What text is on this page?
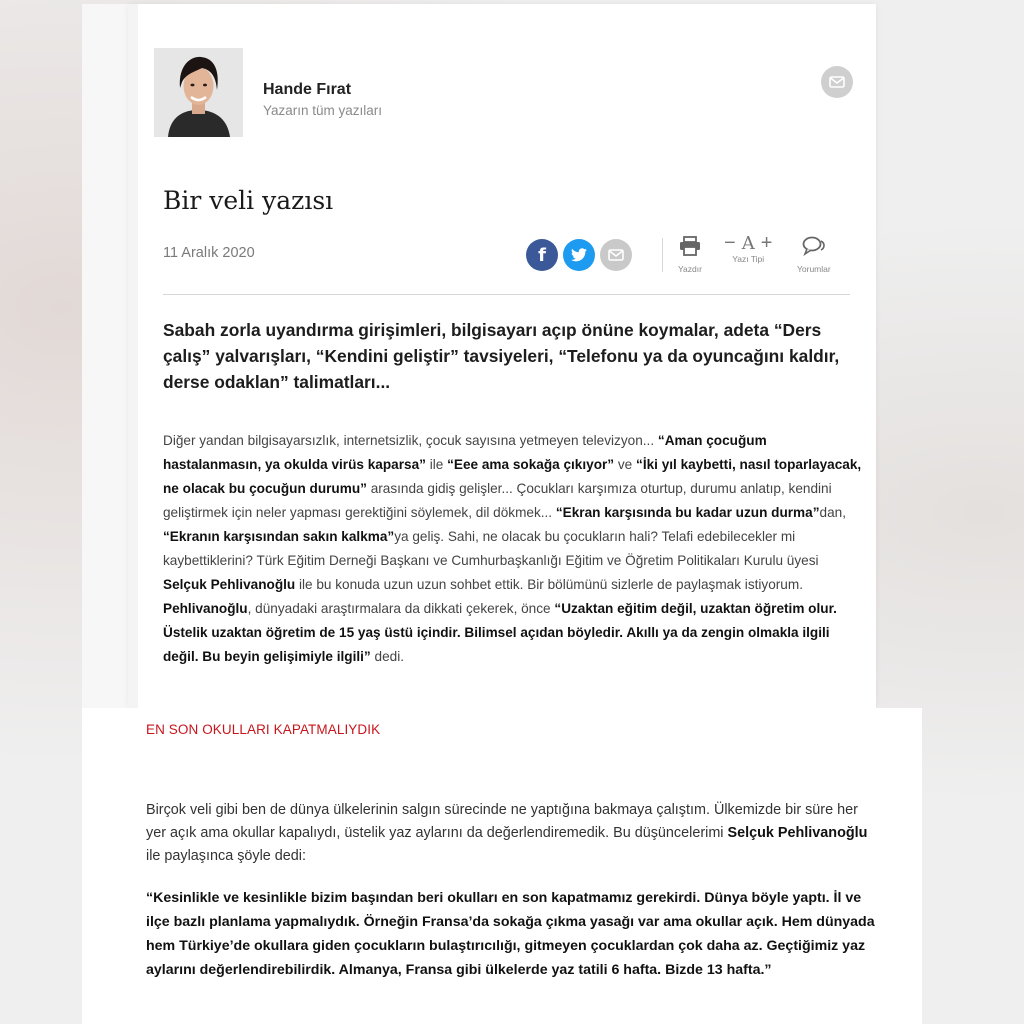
Hande Fırat
Yazarın tüm yazıları
Bir veli yazısı
11 Aralık 2020	f
Yazdır
− A +
Yazı Tipi
Yorumlar

Sabah zorla uyandırma girişimleri, bilgisayarı açıp önüne koymalar, adeta “Ders çalış” yalvarışları, “Kendini geliştir” tavsiyeleri, “Telefonu ya da oyuncağını kaldır, derse odaklan” talimatları...

Diğer yandan bilgisayarsızlık, internetsizlik, çocuk sayısına yetmeyen televizyon... “Aman çocuğum hastalanmasın, ya okulda virüs kaparsa” ile “Eee ama sokağa çıkıyor” ve “İki yıl kaybetti, nasıl toparlayacak, ne olacak bu çocuğun durumu” arasında gidiş gelişler... Çocukları karşımıza oturtup, durumu anlatıp, kendini geliştirmek için neler yapması gerektiğini söylemek, dil dökmek... “Ekran karşısında bu kadar uzun durma”dan, “Ekranın karşısından sakın kalkma”ya geliş. Sahi, ne olacak bu çocukların hali? Telafi edebilecekler mi kaybettiklerini? Türk Eğitim Derneği Başkanı ve Cumhurbaşkanlığı Eğitim ve Öğretim Politikaları Kurulu üyesi Selçuk Pehlivanoğlu ile bu konuda uzun uzun sohbet ettik. Bir bölümünü sizlerle de paylaşmak istiyorum. Pehlivanoğlu, dünyadaki araştırmalara da dikkati çekerek, önce “Uzaktan eğitim değil, uzaktan öğretim olur. Üstelik uzaktan öğretim de 15 yaş üstü içindir. Bilimsel açıdan böyledir. Akıllı ya da zengin olmakla ilgili değil. Bu beyin gelişimiyle ilgili” dedi.

EN SON OKULLARI KAPATMALIYDIK

Birçok veli gibi ben de dünya ülkelerinin salgın sürecinde ne yaptığına bakmaya çalıştım. Ülkemizde bir süre her yer açık ama okullar kapalıydı, üstelik yaz aylarını da değerlendiremedik. Bu düşüncelerimi Selçuk Pehlivanoğlu ile paylaşınca şöyle dedi:

“Kesinlikle ve kesinlikle bizim başından beri okulları en son kapatmamız gerekirdi. Dünya böyle yaptı. İl ve ilçe bazlı planlama yapmalıydık. Örneğin Fransa’da sokağa çıkma yasağı var ama okullar açık. Hem dünyada hem Türkiye’de okullara giden çocukların bulaştırıcılığı, gitmeyen çocuklardan çok daha az. Geçtiğimiz yaz aylarını değerlendirebilirdik. Almanya, Fransa gibi ülkelerde yaz tatili 6 hafta. Bizde 13 hafta.”
